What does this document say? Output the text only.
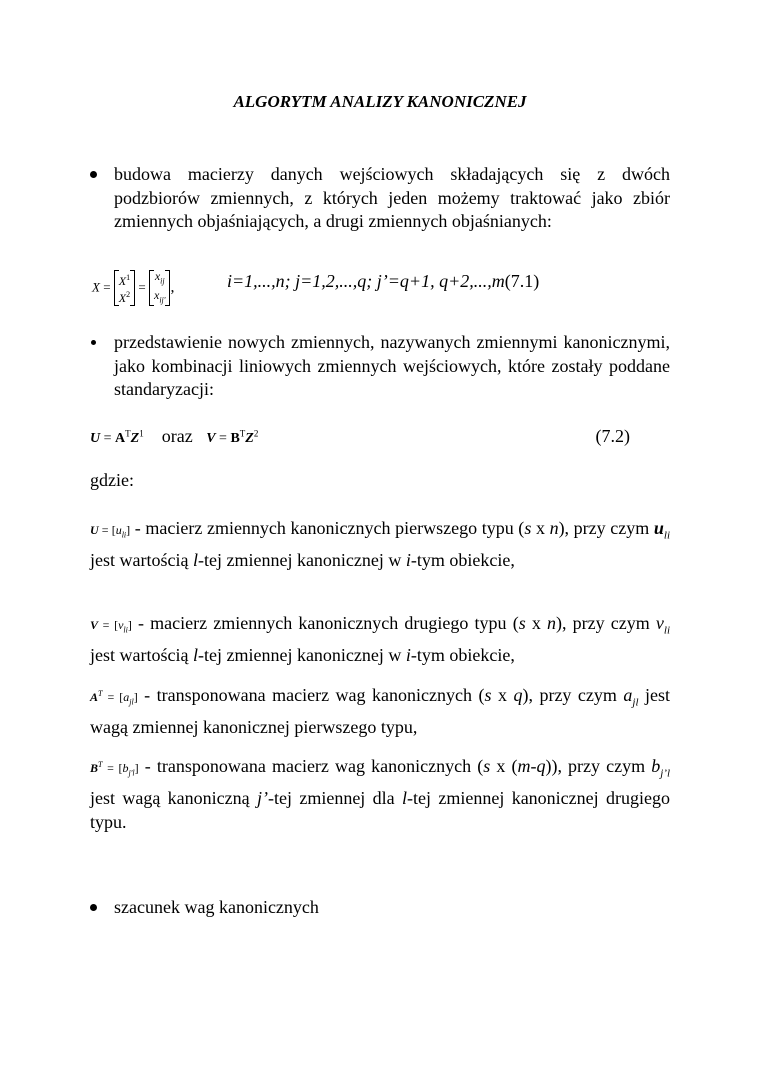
ALGORYTM ANALIZY KANONICZNEJ
budowa macierzy danych wejściowych składających się z dwóch podzbiorów zmiennych, z których jeden możemy traktować jako zbiór zmiennych objaśniających, a drugi zmiennych objaśnianych:
$X = X^1$
$X^2 = x_{ij}$
$x_{ij'}$,	i=1,...,n; j=1,2,...,q; j’=q+1, q+2,...,m(7.1)
przedstawienie nowych zmiennych, nazywanych zmiennymi kanonicznymi, jako kombinacji liniowych zmiennych wejściowych, które zostały poddane standaryzacji:
$U = A^TZ^1$ oraz $V = B^TZ^2$	(7.2)
gdzie:
$U = [u_{li}]$ - macierz zmiennych kanonicznych pierwszego typu (s x n), przy czym $u_{li}$ jest wartością l-tej zmiennej kanonicznej w i-tym obiekcie,
$V = [v_{li}]$ - macierz zmiennych kanonicznych drugiego typu (s x n), przy czym $v_{li}$ jest wartością l-tej zmiennej kanonicznej w i-tym obiekcie,
$A^T = [a_{jl}]$ - transponowana macierz wag kanonicznych (s x q), przy czym $a_{jl}$ jest wagą zmiennej kanonicznej pierwszego typu,
$B^T = [b_{j'l}]$ - transponowana macierz wag kanonicznych (s x (m-q)), przy czym $b_{j’l}$ jest wagą kanoniczną j’-tej zmiennej dla l-tej zmiennej kanonicznej drugiego typu.
szacunek wag kanonicznych
